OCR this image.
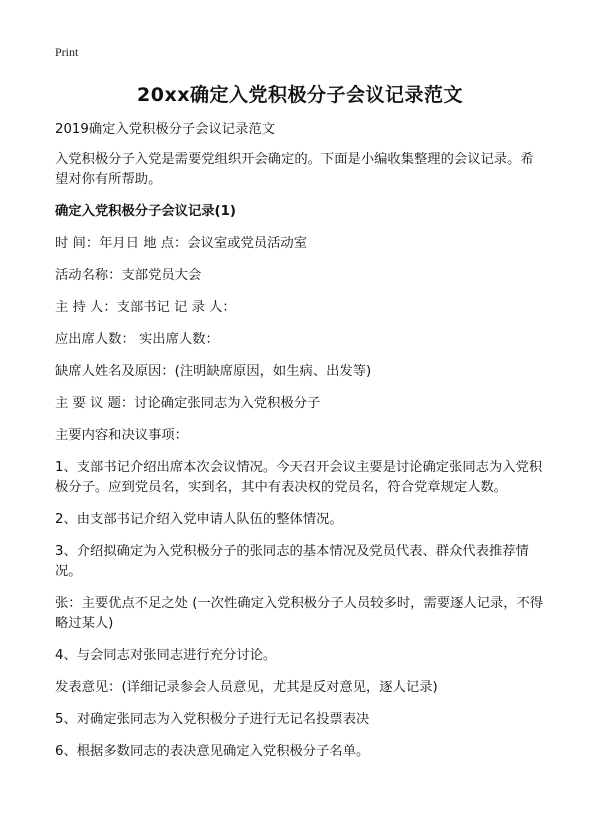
Print
20xx确定入党积极分子会议记录范文

2019确定入党积极分子会议记录范文

入党积极分子入党是需要党组织开会确定的。下面是小编收集整理的会议记录。希望对你有所帮助。

确定入党积极分子会议记录(1)

时 间：年月日 地 点：会议室或党员活动室

活动名称：支部党员大会

主 持 人：支部书记 记 录 人：

应出席人数： 实出席人数：

缺席人姓名及原因：(注明缺席原因，如生病、出发等)

主 要 议 题：讨论确定张同志为入党积极分子

主要内容和决议事项：

1、支部书记介绍出席本次会议情况。今天召开会议主要是讨论确定张同志为入党积极分子。应到党员名，实到名，其中有表决权的党员名，符合党章规定人数。

2、由支部书记介绍入党申请人队伍的整体情况。

3、介绍拟确定为入党积极分子的张同志的基本情况及党员代表、群众代表推荐情况。

张：主要优点不足之处 (一次性确定入党积极分子人员较多时，需要逐人记录，不得略过某人)

4、与会同志对张同志进行充分讨论。

发表意见：(详细记录参会人员意见，尤其是反对意见，逐人记录)

5、对确定张同志为入党积极分子进行无记名投票表决

6、根据多数同志的表决意见确定入党积极分子名单。
